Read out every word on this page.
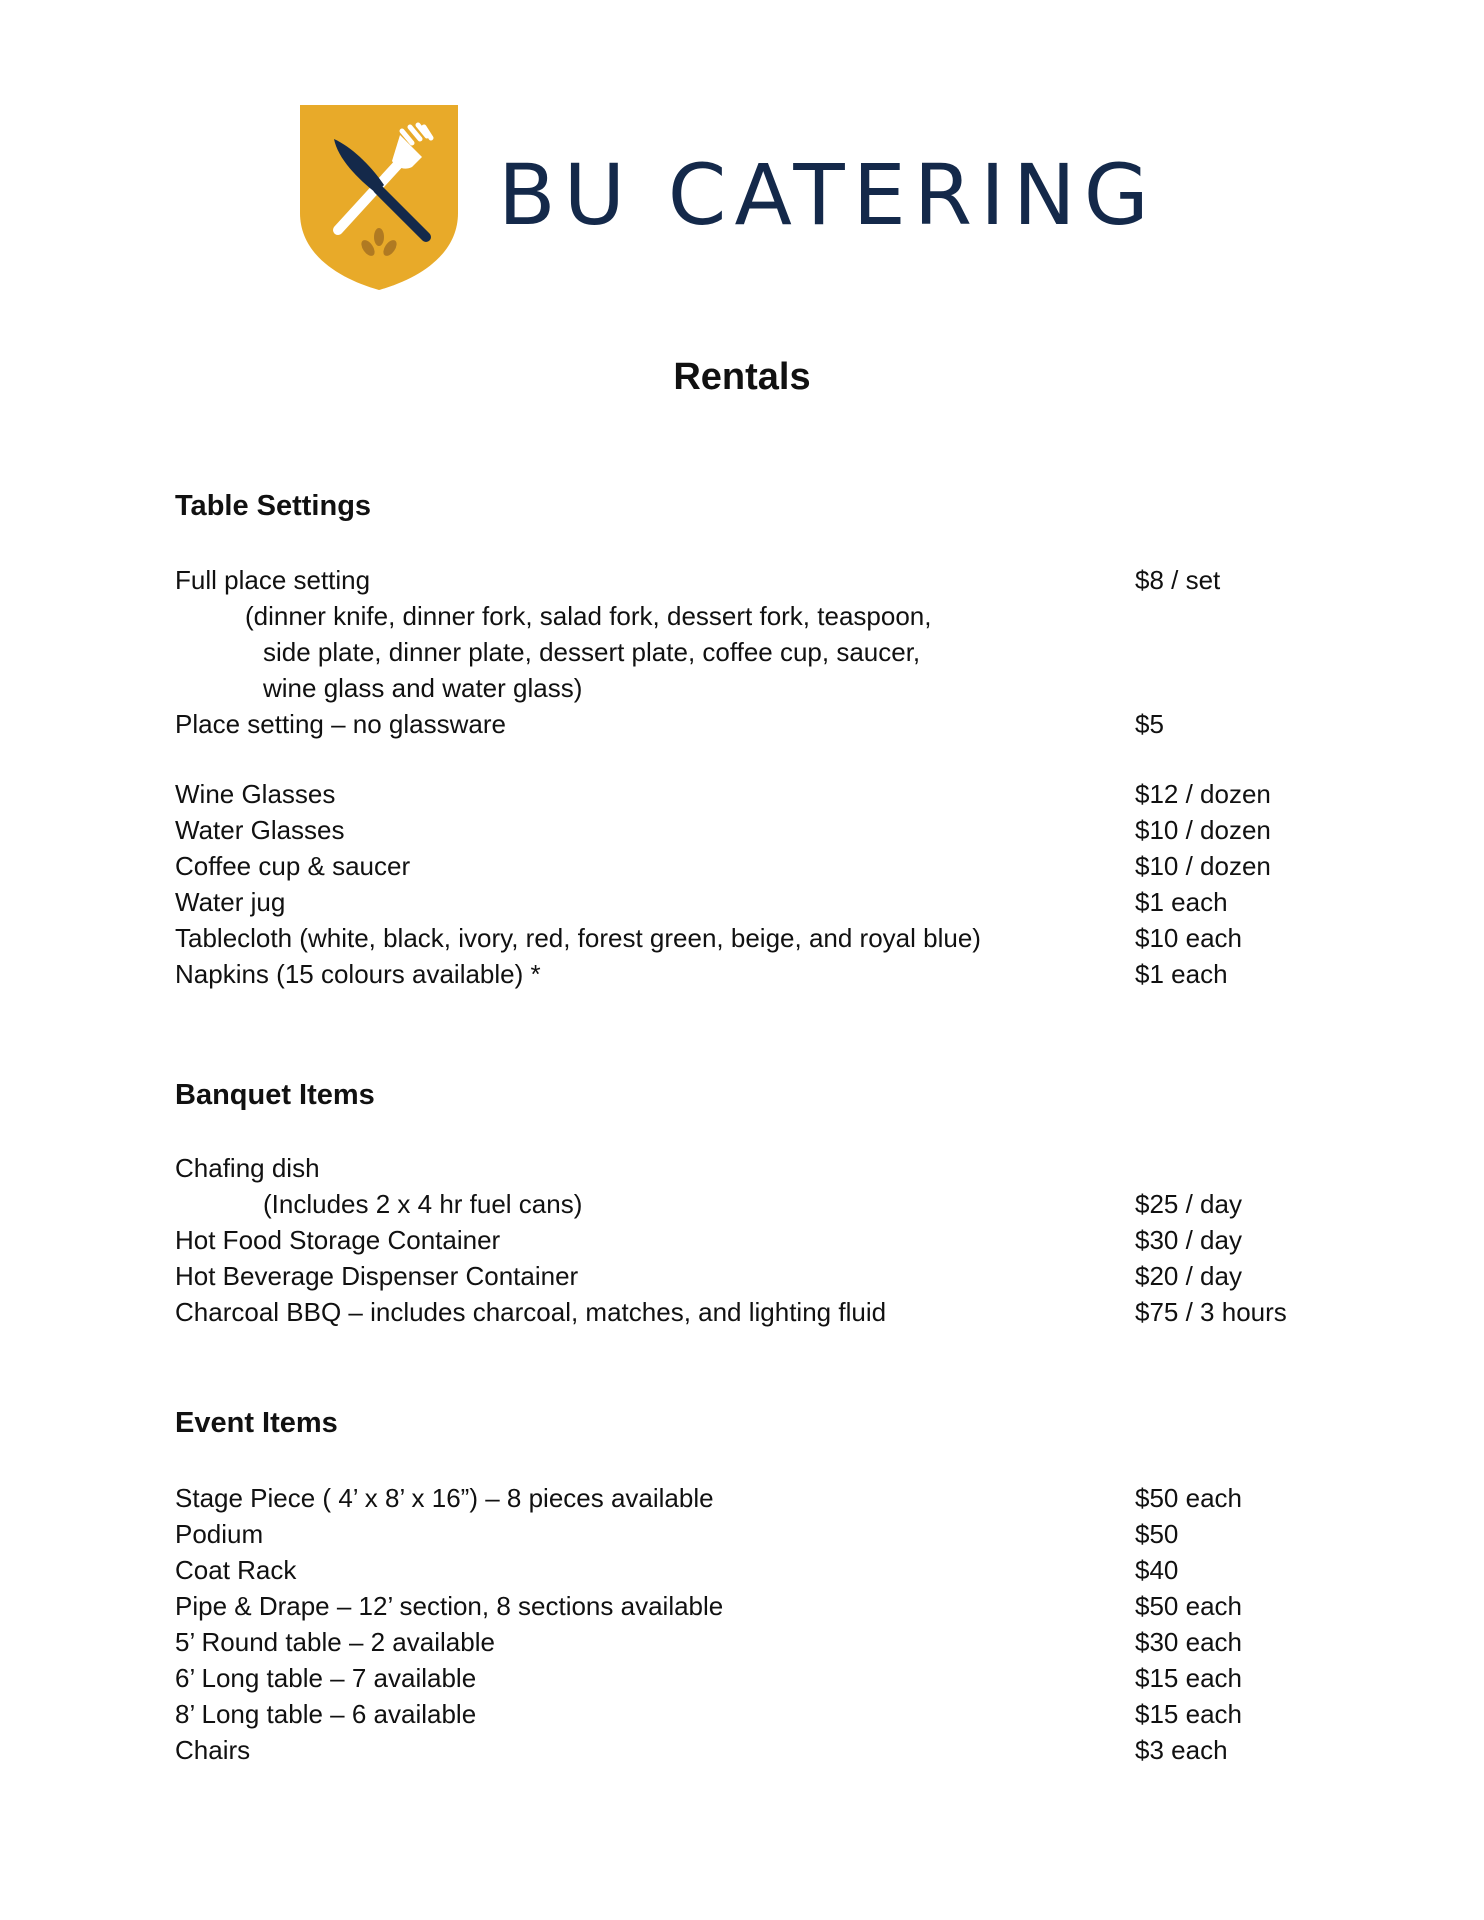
BU CATERING
Rentals
Table Settings
Full place setting	$8 / set
(dinner knife, dinner fork, salad fork, dessert fork, teaspoon,
side plate, dinner plate, dessert plate, coffee cup, saucer,
wine glass and water glass)
Place setting – no glassware	$5
Wine Glasses	$12 / dozen
Water Glasses	$10 / dozen
Coffee cup & saucer	$10 / dozen
Water jug	$1 each
Tablecloth (white, black, ivory, red, forest green, beige, and royal blue)	$10 each
Napkins (15 colours available) *	$1 each
Banquet Items
Chafing dish
(Includes 2 x 4 hr fuel cans)	$25 / day
Hot Food Storage Container	$30 / day
Hot Beverage Dispenser Container	$20 / day
Charcoal BBQ – includes charcoal, matches, and lighting fluid	$75 / 3 hours
Event Items
Stage Piece ( 4’ x 8’ x 16”) – 8 pieces available	$50 each
Podium	$50
Coat Rack	$40
Pipe & Drape – 12’ section, 8 sections available	$50 each
5’ Round table – 2 available	$30 each
6’ Long table – 7 available	$15 each
8’ Long table – 6 available	$15 each
Chairs	$3 each
